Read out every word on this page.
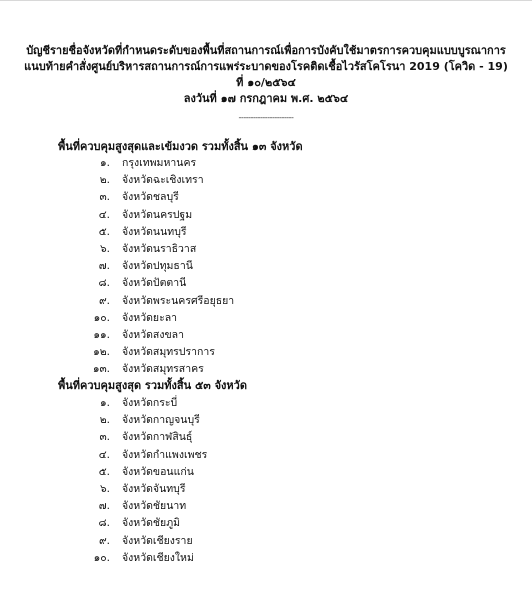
บัญชีรายชื่อจังหวัดที่กำหนดระดับของพื้นที่สถานการณ์เพื่อการบังคับใช้มาตรการควบคุมแบบบูรณาการ
แนบท้ายคำสั่งศูนย์บริหารสถานการณ์การแพร่ระบาดของโรคติดเชื้อไวรัสโคโรนา 2019 (โควิด - 19)
ที่ ๑๐/๒๕๖๔
ลงวันที่ ๑๗ กรกฎาคม พ.ศ. ๒๕๖๔
-----------------------
พื้นที่ควบคุมสูงสุดและเข้มงวด รวมทั้งสิ้น ๑๓ จังหวัด
๑. กรุงเทพมหานคร
๒. จังหวัดฉะเชิงเทรา
๓. จังหวัดชลบุรี
๔. จังหวัดนครปฐม
๕. จังหวัดนนทบุรี
๖. จังหวัดนราธิวาส
๗. จังหวัดปทุมธานี
๘. จังหวัดปัตตานี
๙. จังหวัดพระนครศรีอยุธยา
๑๐. จังหวัดยะลา
๑๑. จังหวัดสงขลา
๑๒. จังหวัดสมุทรปราการ
๑๓. จังหวัดสมุทรสาคร
พื้นที่ควบคุมสูงสุด รวมทั้งสิ้น ๕๓ จังหวัด
๑. จังหวัดกระบี่
๒. จังหวัดกาญจนบุรี
๓. จังหวัดกาฬสินธุ์
๔. จังหวัดกำแพงเพชร
๕. จังหวัดขอนแก่น
๖. จังหวัดจันทบุรี
๗. จังหวัดชัยนาท
๘. จังหวัดชัยภูมิ
๙. จังหวัดเชียงราย
๑๐. จังหวัดเชียงใหม่
